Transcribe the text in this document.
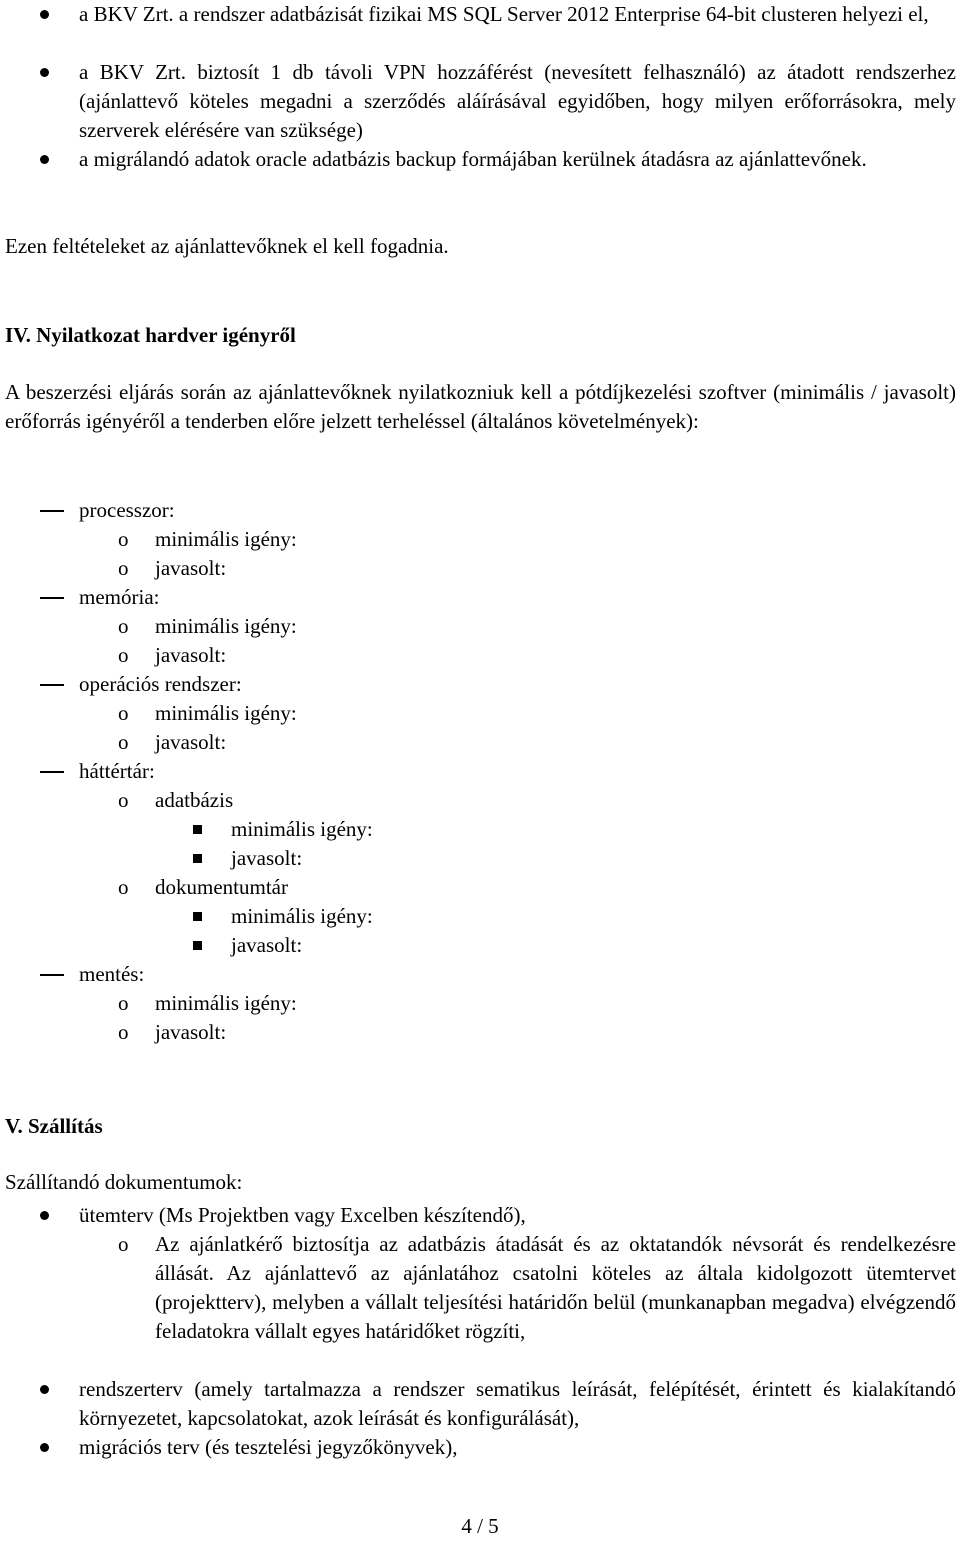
a BKV Zrt. a rendszer adatbázisát fizikai MS SQL Server 2012 Enterprise 64-bit clusteren helyezi el,
a BKV Zrt. biztosít 1 db távoli VPN hozzáférést (nevesített felhasználó) az átadott rendszerhez (ajánlattevő köteles megadni a szerződés aláírásával egyidőben, hogy milyen erőforrásokra, mely szerverek elérésére van szüksége)
a migrálandó adatok oracle adatbázis backup formájában kerülnek átadásra az ajánlattevőnek.
Ezen feltételeket az ajánlattevőknek el kell fogadnia.
IV. Nyilatkozat hardver igényről
A beszerzési eljárás során az ajánlattevőknek nyilatkozniuk kell a pótdíjkezelési szoftver (minimális / javasolt) erőforrás igényéről a tenderben előre jelzett terheléssel (általános követelmények):
processzor:
o minimális igény:
o javasolt:
memória:
o minimális igény:
o javasolt:
operációs rendszer:
o minimális igény:
o javasolt:
háttértár:
o adatbázis
minimális igény:
javasolt:
o dokumentumtár
minimális igény:
javasolt:
mentés:
o minimális igény:
o javasolt:
V. Szállítás
Szállítandó dokumentumok:
ütemterv (Ms Projektben vagy Excelben készítendő),
o Az ajánlatkérő biztosítja az adatbázis átadását és az oktatandók névsorát és rendelkezésre állását. Az ajánlattevő az ajánlatához csatolni köteles az általa kidolgozott ütemtervet (projektterv), melyben a vállalt teljesítési határidőn belül (munkanapban megadva) elvégzendő feladatokra vállalt egyes határidőket rögzíti,
rendszerterv (amely tartalmazza a rendszer sematikus leírását, felépítését, érintett és kialakítandó környezetet, kapcsolatokat, azok leírását és konfigurálását),
migrációs terv (és tesztelési jegyzőkönyvek),
4 / 5
